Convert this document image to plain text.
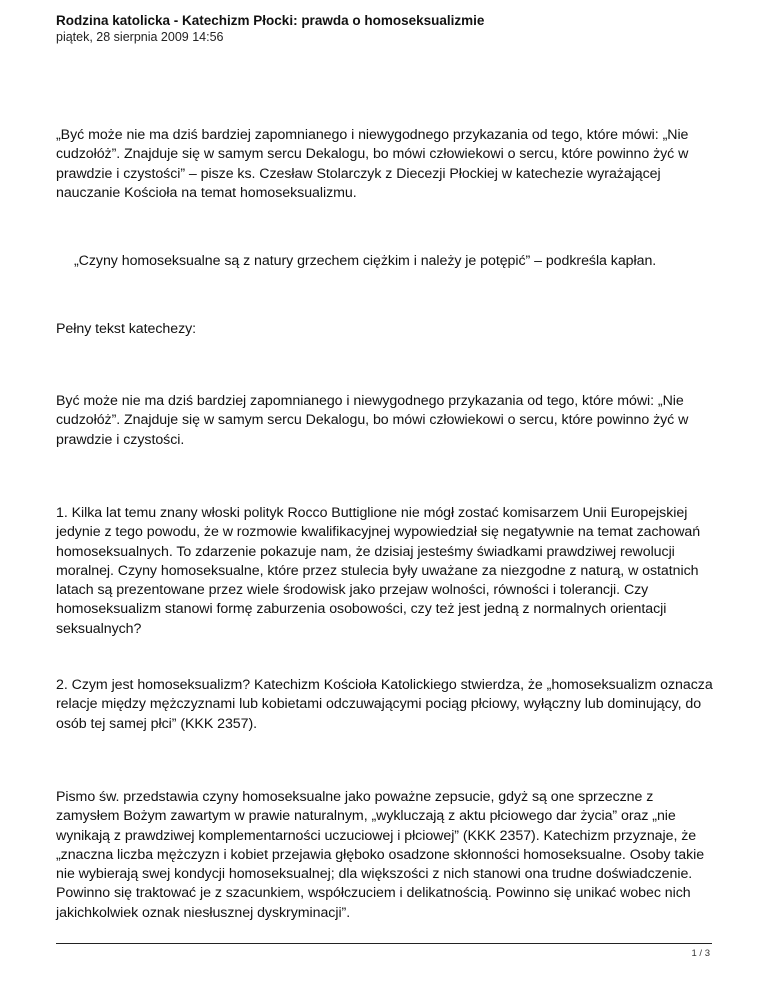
Rodzina katolicka - Katechizm Płocki: prawda o homoseksualizmie

piątek, 28 sierpnia 2009 14:56

„Być może nie ma dziś bardziej zapomnianego i niewygodnego przykazania od tego, które mówi: „Nie cudzołóż”. Znajduje się w samym sercu Dekalogu, bo mówi człowiekowi o sercu, które powinno żyć w prawdzie i czystości” – pisze ks. Czesław Stolarczyk z Diecezji Płockiej w katechezie wyrażającej nauczanie Kościoła na temat homoseksualizmu.

„Czyny homoseksualne są z natury grzechem ciężkim i należy je potępić” – podkreśla kapłan.

Pełny tekst katechezy:

Być może nie ma dziś bardziej zapomnianego i niewygodnego przykazania od tego, które mówi: „Nie cudzołóż”. Znajduje się w samym sercu Dekalogu, bo mówi człowiekowi o sercu, które powinno żyć w prawdzie i czystości.

1. Kilka lat temu znany włoski polityk Rocco Buttiglione nie mógł zostać komisarzem Unii Europejskiej jedynie z tego powodu, że w rozmowie kwalifikacyjnej wypowiedział się negatywnie na temat zachowań homoseksualnych. To zdarzenie pokazuje nam, że dzisiaj jesteśmy świadkami prawdziwej rewolucji moralnej. Czyny homoseksualne, które przez stulecia były uważane za niezgodne z naturą, w ostatnich latach są prezentowane przez wiele środowisk jako przejaw wolności, równości i tolerancji. Czy homoseksualizm stanowi formę zaburzenia osobowości, czy też jest jedną z normalnych orientacji seksualnych?

2. Czym jest homoseksualizm? Katechizm Kościoła Katolickiego stwierdza, że „homoseksualizm oznacza relacje między mężczyznami lub kobietami odczuwającymi pociąg płciowy, wyłączny lub dominujący, do osób tej samej płci” (KKK 2357).

Pismo św. przedstawia czyny homoseksualne jako poważne zepsucie, gdyż są one sprzeczne z zamysłem Bożym zawartym w prawie naturalnym, „wykluczają z aktu płciowego dar życia” oraz „nie wynikają z prawdziwej komplementarności uczuciowej i płciowej” (KKK 2357). Katechizm przyznaje, że „znaczna liczba mężczyzn i kobiet przejawia głęboko osadzone skłonności homoseksualne. Osoby takie nie wybierają swej kondycji homoseksualnej; dla większości z nich stanowi ona trudne doświadczenie. Powinno się traktować je z szacunkiem, współczuciem i delikatnością. Powinno się unikać wobec nich jakichkolwiek oznak niesłusznej dyskryminacji”.

1 / 3
